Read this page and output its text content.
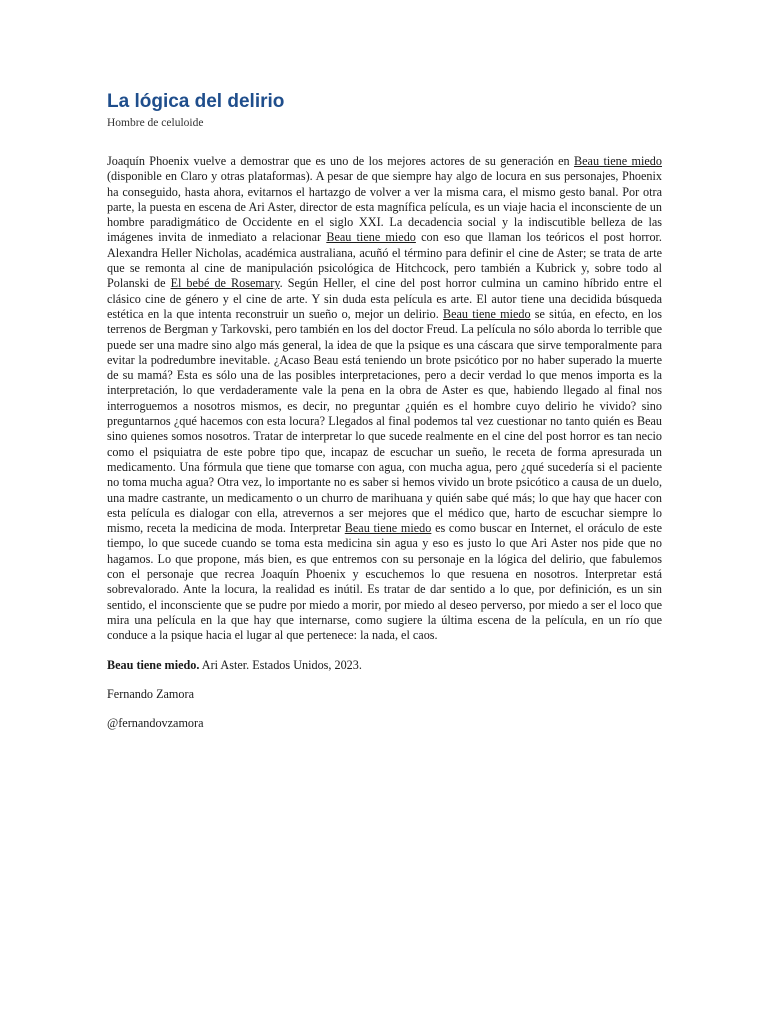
La lógica del delirio
Hombre de celuloide

Joaquín Phoenix vuelve a demostrar que es uno de los mejores actores de su generación en Beau tiene miedo (disponible en Claro y otras plataformas). A pesar de que siempre hay algo de locura en sus personajes, Phoenix ha conseguido, hasta ahora, evitarnos el hartazgo de volver a ver la misma cara, el mismo gesto banal. Por otra parte, la puesta en escena de Ari Aster, director de esta magnífica película, es un viaje hacia el inconsciente de un hombre paradigmático de Occidente en el siglo XXI. La decadencia social y la indiscutible belleza de las imágenes invita de inmediato a relacionar Beau tiene miedo con eso que llaman los teóricos el post horror. Alexandra Heller Nicholas, académica australiana, acuñó el término para definir el cine de Aster; se trata de arte que se remonta al cine de manipulación psicológica de Hitchcock, pero también a Kubrick y, sobre todo al Polanski de El bebé de Rosemary. Según Heller, el cine del post horror culmina un camino híbrido entre el clásico cine de género y el cine de arte. Y sin duda esta película es arte. El autor tiene una decidida búsqueda estética en la que intenta reconstruir un sueño o, mejor un delirio. Beau tiene miedo se sitúa, en efecto, en los terrenos de Bergman y Tarkovski, pero también en los del doctor Freud. La película no sólo aborda lo terrible que puede ser una madre sino algo más general, la idea de que la psique es una cáscara que sirve temporalmente para evitar la podredumbre inevitable. ¿Acaso Beau está teniendo un brote psicótico por no haber superado la muerte de su mamá? Esta es sólo una de las posibles interpretaciones, pero a decir verdad lo que menos importa es la interpretación, lo que verdaderamente vale la pena en la obra de Aster es que, habiendo llegado al final nos interroguemos a nosotros mismos, es decir, no preguntar ¿quién es el hombre cuyo delirio he vivido? sino preguntarnos ¿qué hacemos con esta locura? Llegados al final podemos tal vez cuestionar no tanto quién es Beau sino quienes somos nosotros. Tratar de interpretar lo que sucede realmente en el cine del post horror es tan necio como el psiquiatra de este pobre tipo que, incapaz de escuchar un sueño, le receta de forma apresurada un medicamento. Una fórmula que tiene que tomarse con agua, con mucha agua, pero ¿qué sucedería si el paciente no toma mucha agua? Otra vez, lo importante no es saber si hemos vivido un brote psicótico a causa de un duelo, una madre castrante, un medicamento o un churro de marihuana y quién sabe qué más; lo que hay que hacer con esta película es dialogar con ella, atrevernos a ser mejores que el médico que, harto de escuchar siempre lo mismo, receta la medicina de moda. Interpretar Beau tiene miedo es como buscar en Internet, el oráculo de este tiempo, lo que sucede cuando se toma esta medicina sin agua y eso es justo lo que Ari Aster nos pide que no hagamos. Lo que propone, más bien, es que entremos con su personaje en la lógica del delirio, que fabulemos con el personaje que recrea Joaquín Phoenix y escuchemos lo que resuena en nosotros. Interpretar está sobrevalorado. Ante la locura, la realidad es inútil. Es tratar de dar sentido a lo que, por definición, es un sin sentido, el inconsciente que se pudre por miedo a morir, por miedo al deseo perverso, por miedo a ser el loco que mira una película en la que hay que internarse, como sugiere la última escena de la película, en un río que conduce a la psique hacia el lugar al que pertenece: la nada, el caos.

Beau tiene miedo. Ari Aster. Estados Unidos, 2023.

Fernando Zamora

@fernandovzamora
